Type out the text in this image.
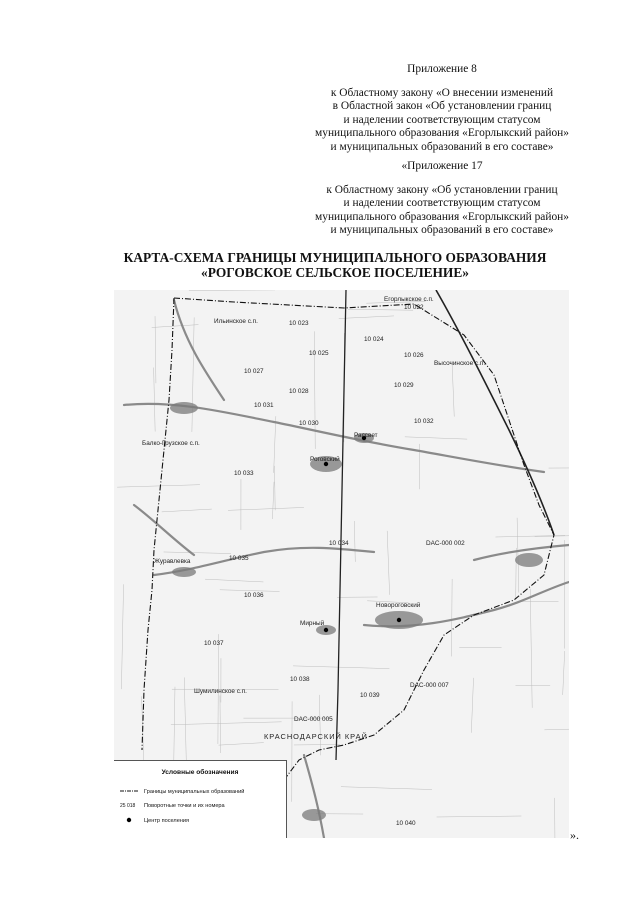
Приложение 8
к Областному закону «О внесении изменений
в Областной закон «Об установлении границ
и наделении соответствующим статусом
муниципального образования «Егорлыкский район»
и муниципальных образований в его составе»
«Приложение 17
к Областному закону «Об установлении границ
и наделении соответствующим статусом
муниципального образования «Егорлыкский район»
и муниципальных образований в его составе»
КАРТА-СХЕМА ГРАНИЦЫ МУНИЦИПАЛЬНОГО ОБРАЗОВАНИЯ
«РОГОВСКОЕ СЕЛЬСКОЕ ПОСЕЛЕНИЕ»
Егорлыкское с.п.
Ильинское с.п.
Высочинское с.п.
Балко-Грузское с.п.
Роговский
Рассвет
Новороговский
Мирный
Шумилинское с.п.
Журавлевка
КРАСНОДАРСКИЙ КРАЙ
10 022
10 023
10 024
10 025	10 026
10 027
10 028
10 029
10 030
10 031
10 032
10 033
10 034
10 035
10 036
10 037
10 038
10 039
10 040
DAC-000 002
DAC-000 007
DAC-000 005
Условные обозначения
Границы муниципальных образований
25 018 Поворотные точки и их номера
Центр поселения
».
